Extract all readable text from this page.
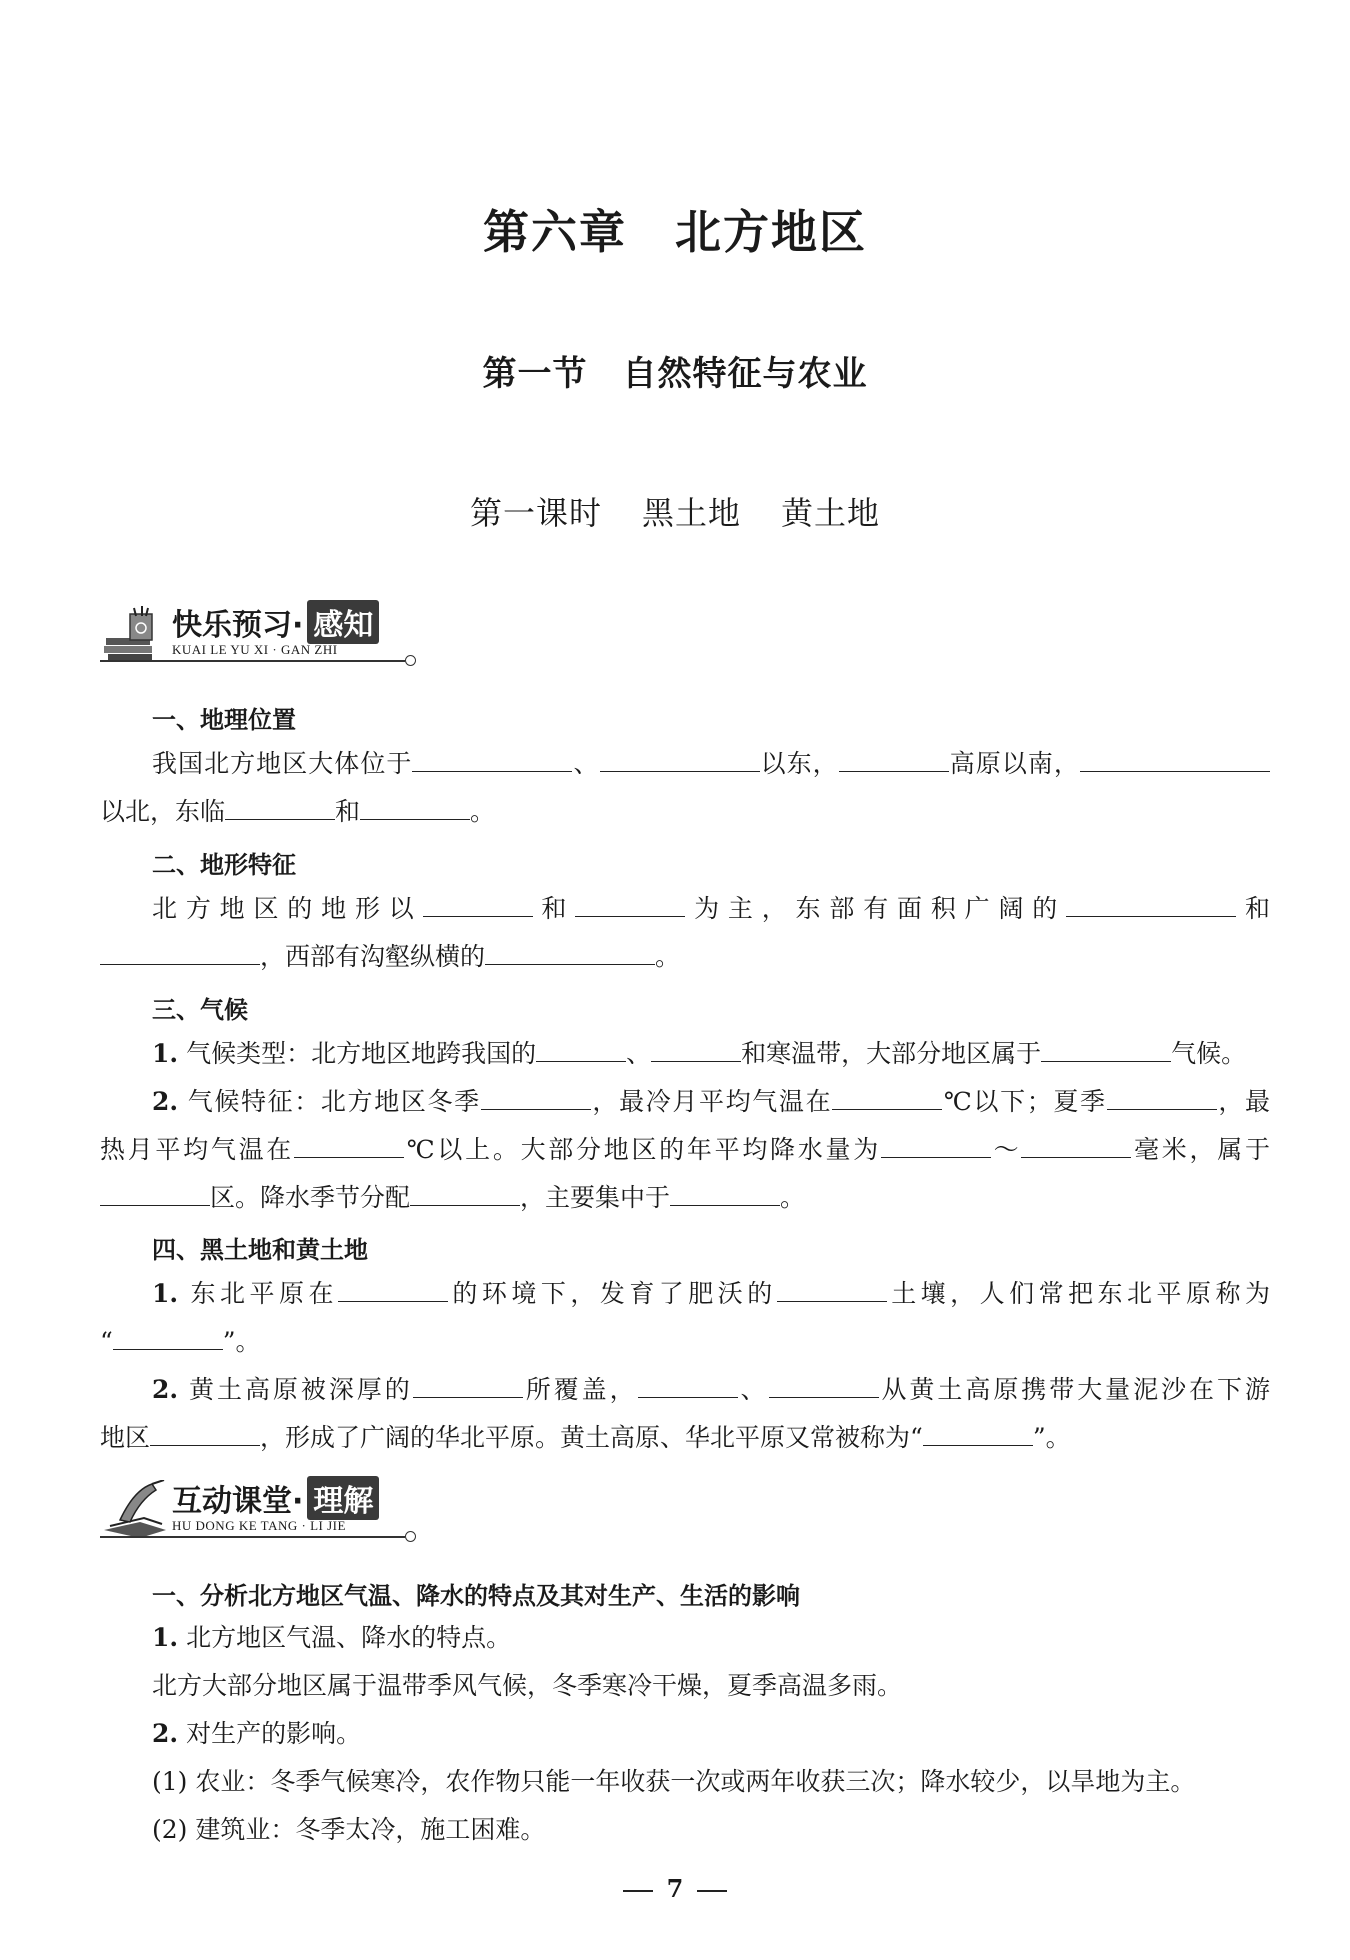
第六章　北方地区
第一节　自然特征与农业
第一课时 黑土地 黄土地
快乐预习· 感知
KUAI LE YU XI · GAN ZHI
一、地理位置
我国北方地区大体位于	、	以东，	高原以南，
以北，东临	和	。
二、地形特征
北方地区的地形以	和	为主，东部有面积广阔的	和
，西部有沟壑纵横的	。
三、气候
1. 气候类型：北方地区地跨我国的	、	和寒温带，大部分地区属于	气候。
2. 气候特征：北方地区冬季	，最冷月平均气温在	℃以下；夏季	，最
热月平均气温在	℃以上。大部分地区的年平均降水量为	～	毫米，属于
区。降水季节分配	，主要集中于	。
四、黑土地和黄土地
1. 东北平原在	的环境下，发育了肥沃的	土壤，人们常把东北平原称为
“	”。
2. 黄土高原被深厚的	所覆盖，	、	从黄土高原携带大量泥沙在下游
地区	，形成了广阔的华北平原。黄土高原、华北平原又常被称为“	”。
互动课堂· 理解
HU DONG KE TANG · LI JIE
一、分析北方地区气温、降水的特点及其对生产、生活的影响
1. 北方地区气温、降水的特点。
北方大部分地区属于温带季风气候，冬季寒冷干燥，夏季高温多雨。
2. 对生产的影响。
(1) 农业：冬季气候寒冷，农作物只能一年收获一次或两年收获三次；降水较少，以旱地为主。
(2) 建筑业：冬季太冷，施工困难。
7
